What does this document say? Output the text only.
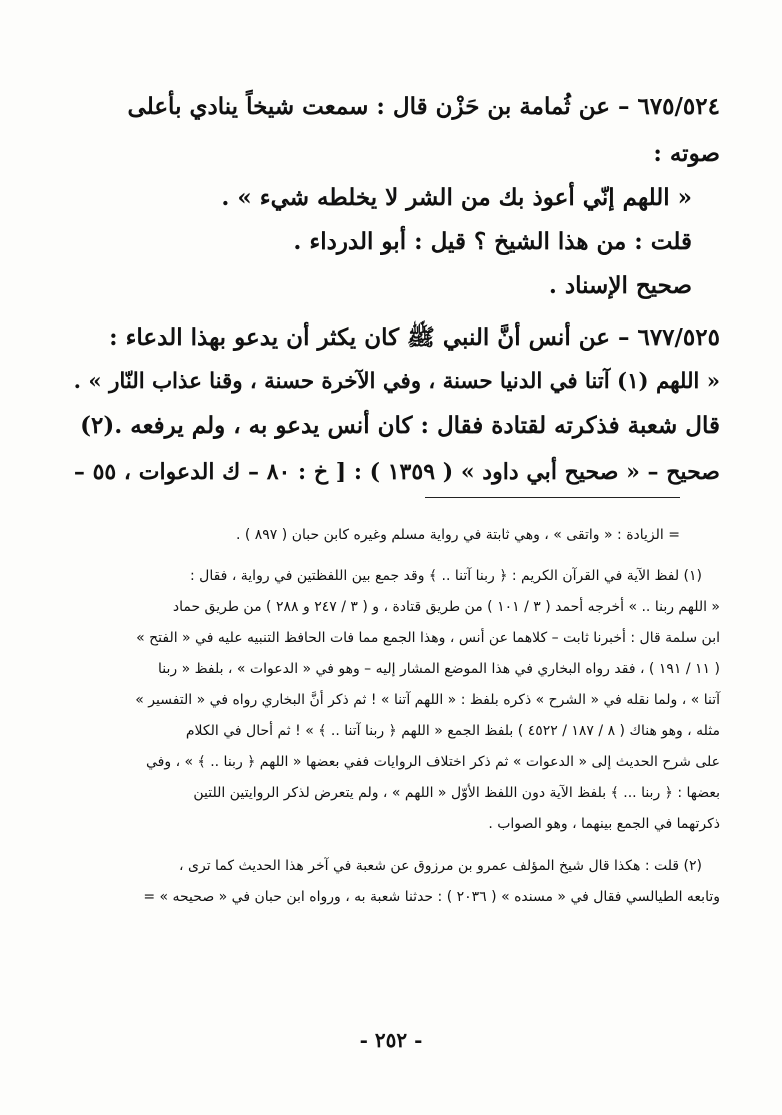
٦٧٥/٥٢٤ – عن ثُمامة بن حَزْن قال : سمعت شيخاً ينادي بأعلى
صوته :
« اللهم إنّي أعوذ بك من الشر لا يخلطه شيء » .
قلت : من هذا الشيخ ؟ قيل : أبو الدرداء .
صحيح الإسناد .
٦٧٧/٥٢٥ – عن أنس أنَّ النبي ﷺ كان يكثر أن يدعو بهذا الدعاء :
« اللهم (١) آتنا في الدنيا حسنة ، وفي الآخرة حسنة ، وقنا عذاب النّار » .
قال شعبة فذكرته لقتادة فقال : كان أنس يدعو به ، ولم يرفعه .(٢)
صحيح – « صحيح أبي داود » ( ١٣٥٩ ) : [ خ : ٨٠ – ك الدعوات ، ٥٥ –
= الزيادة : « واتقى » ، وهي ثابتة في رواية مسلم وغيره كابن حبان ( ٨٩٧ ) .
(١) لفظ الآية في القرآن الكريم : ﴿ ربنا آتنا .. ﴾ وقد جمع بين اللفظتين في رواية ، فقال :
« اللهم ربنا .. » أخرجه أحمد ( ٣ / ١٠١ ) من طريق قتادة ، و ( ٣ / ٢٤٧ و ٢٨٨ ) من طريق حماد
ابن سلمة قال : أخبرنا ثابت – كلاهما عن أنس ، وهذا الجمع مما فات الحافظ التنبيه عليه في « الفتح »
( ١١ / ١٩١ ) ، فقد رواه البخاري في هذا الموضع المشار إليه – وهو في « الدعوات » ، بلفظ « ربنا
آتنا » ، ولما نقله في « الشرح » ذكره بلفظ : « اللهم آتنا » ! ثم ذكر أنَّ البخاري رواه في « التفسير »
مثله ، وهو هناك ( ٨ / ١٨٧ / ٤٥٢٢ ) بلفظ الجمع « اللهم ﴿ ربنا آتنا .. ﴾ » ! ثم أحال في الكلام
على شرح الحديث إلى « الدعوات » ثم ذكر اختلاف الروايات ففي بعضها « اللهم ﴿ ربنا .. ﴾ » ، وفي
بعضها : ﴿ ربنا ... ﴾ بلفظ الآية دون اللفظ الأوّل « اللهم » ، ولم يتعرض لذكر الروايتين اللتين
ذكرتهما في الجمع بينهما ، وهو الصواب .
(٢) قلت : هكذا قال شيخ المؤلف عمرو بن مرزوق عن شعبة في آخر هذا الحديث كما ترى ،
وتابعه الطيالسي فقال في « مسنده » ( ٢٠٣٦ ) : حدثنا شعبة به ، ورواه ابن حبان في « صحيحه » =
- ٢٥٢ -
